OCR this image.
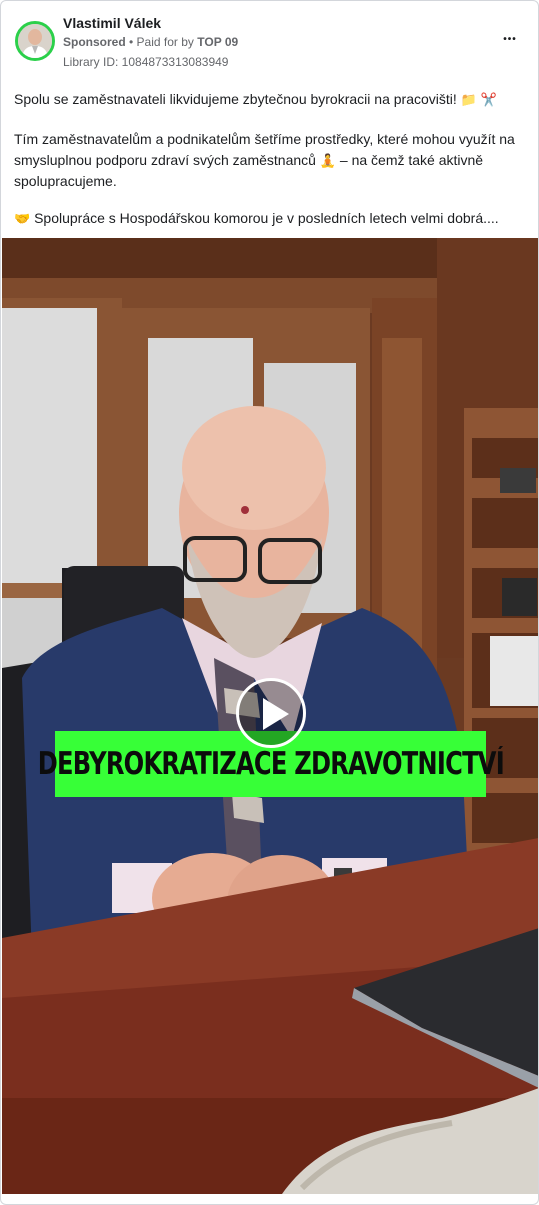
Vlastimil Válek
Sponsored • Paid for by TOP 09
Library ID: 1084873313083949
•••

Spolu se zaměstnavateli likvidujeme zbytečnou byrokracii na pracovišti! 📁 ✂️

Tím zaměstnavatelům a podnikatelům šetříme prostředky, které mohou využít na smysluplnou podporu zdraví svých zaměstnanců 🧘 – na čemž také aktivně spolupracujeme.

🤝 Spolupráce s Hospodářskou komorou je v posledních letech velmi dobrá....

DEBYROKRATIZACE ZDRAVOTNICTVÍ
